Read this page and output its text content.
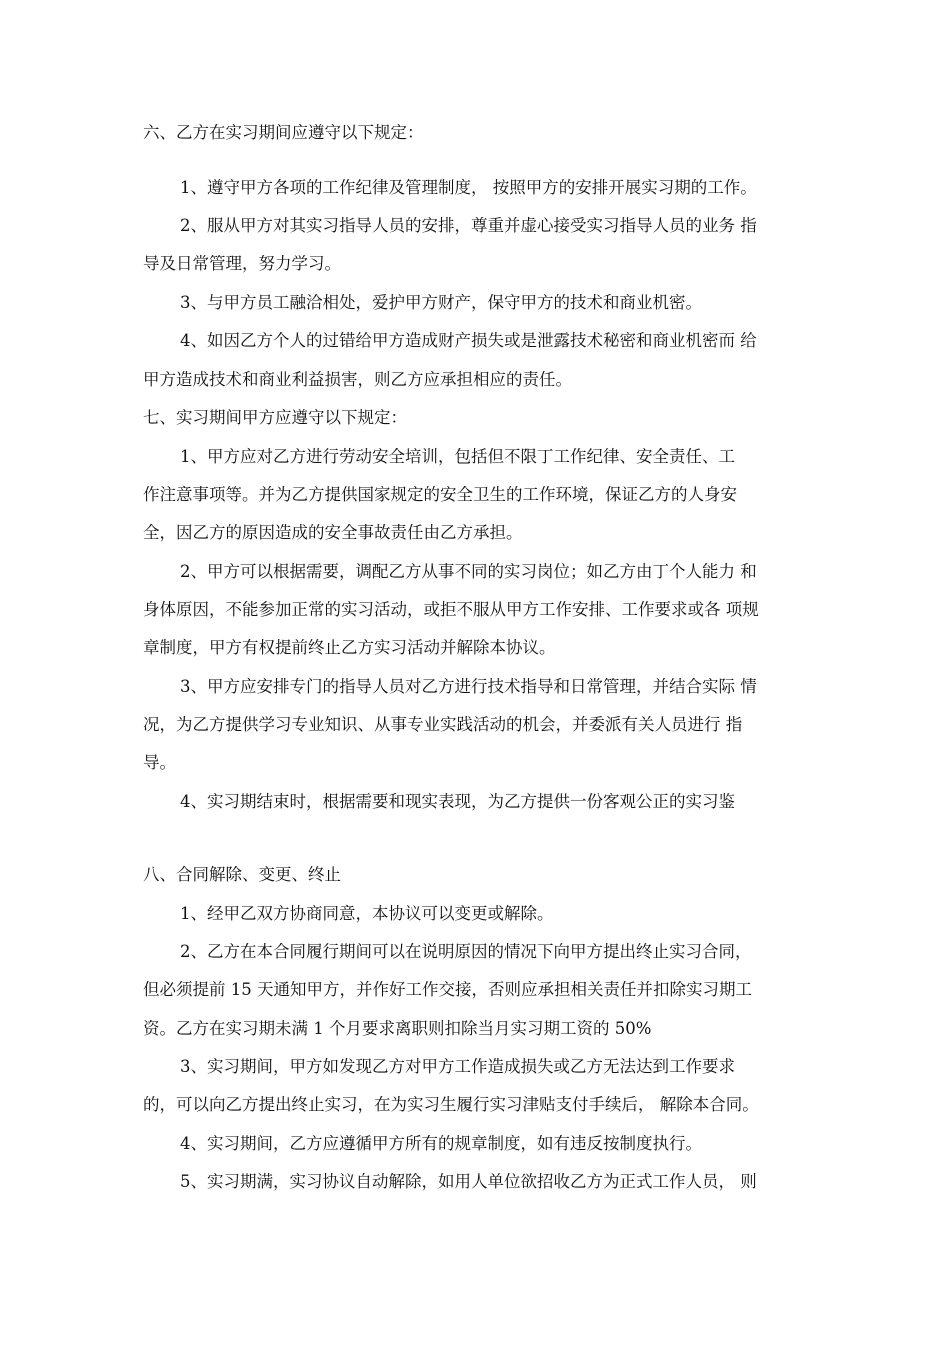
六、乙方在实习期间应遵守以下规定：
1、遵守甲方各项的工作纪律及管理制度， 按照甲方的安排开展实习期的工作。
2、服从甲方对其实习指导人员的安排，尊重并虚心接受实习指导人员的业务 指
导及日常管理，努力学习。
3、与甲方员工融洽相处，爱护甲方财产，保守甲方的技术和商业机密。
4、如因乙方个人的过错给甲方造成财产损失或是泄露技术秘密和商业机密而 给
甲方造成技术和商业利益损害，则乙方应承担相应的责任。
七、实习期间甲方应遵守以下规定：
1、甲方应对乙方进行劳动安全培训，包括但不限丁工作纪律、安全责任、工
作注意事项等。并为乙方提供国家规定的安全卫生的工作环境，保证乙方的人身安
全，因乙方的原因造成的安全事故责任由乙方承担。
2、甲方可以根据需要，调配乙方从事不同的实习岗位；如乙方由丁个人能力 和
身体原因，不能参加正常的实习活动，或拒不服从甲方工作安排、工作要求或各 项规
章制度，甲方有权提前终止乙方实习活动并解除本协议。
3、甲方应安排专门的指导人员对乙方进行技术指导和日常管理，并结合实际 情
况，为乙方提供学习专业知识、从事专业实践活动的机会，并委派有关人员进行 指
导。
4、实习期结束时，根据需要和现实表现，为乙方提供一份客观公正的实习鉴
八、合同解除、变更、终止
1、经甲乙双方协商同意，本协议可以变更或解除。
2、乙方在本合同履行期间可以在说明原因的情况下向甲方提出终止实习合同，
但必须提前 15 天通知甲方，并作好工作交接，否则应承担相关责任并扣除实习期工
资。乙方在实习期未满 1 个月要求离职则扣除当月实习期工资的 50%
3、实习期间，甲方如发现乙方对甲方工作造成损失或乙方无法达到工作要求
的，可以向乙方提出终止实习，在为实习生履行实习津贴支付手续后， 解除本合同。
4、实习期间，乙方应遵循甲方所有的规章制度，如有违反按制度执行。
5、实习期满，实习协议自动解除，如用人单位欲招收乙方为正式工作人员， 则
